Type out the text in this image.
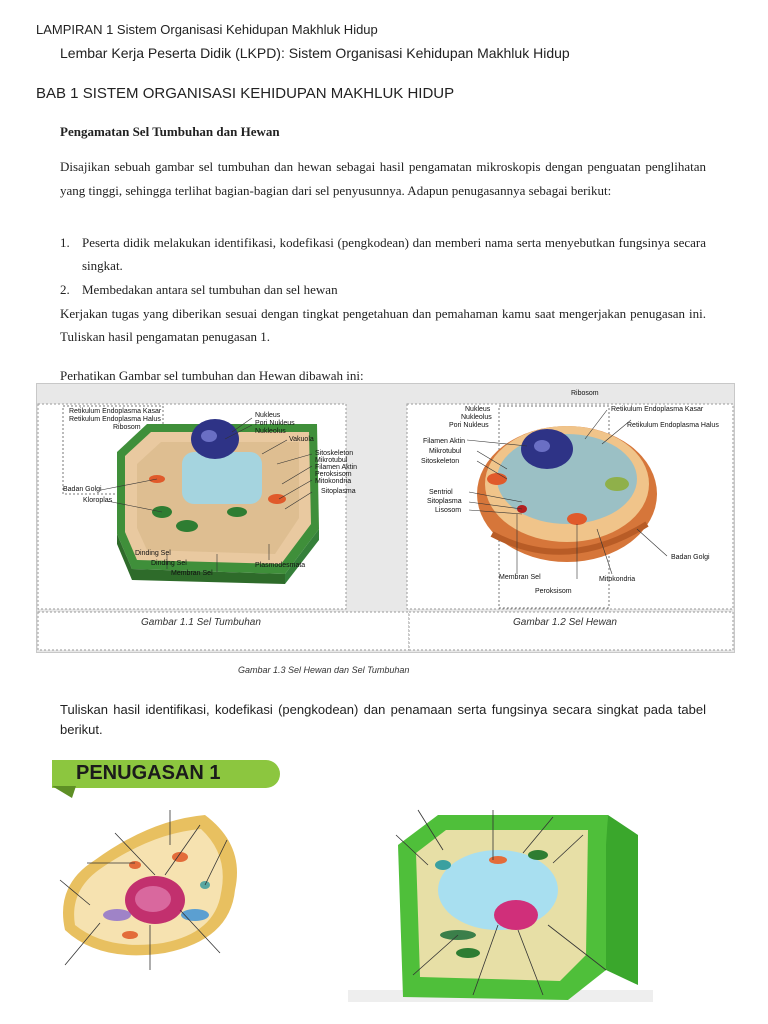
LAMPIRAN 1 Sistem Organisasi Kehidupan Makhluk Hidup
Lembar Kerja Peserta Didik (LKPD): Sistem Organisasi Kehidupan Makhluk Hidup
BAB 1 SISTEM ORGANISASI KEHIDUPAN MAKHLUK HIDUP
Pengamatan Sel Tumbuhan dan Hewan
Disajikan sebuah gambar sel tumbuhan dan hewan sebagai hasil pengamatan mikroskopis dengan penguatan penglihatan yang tinggi, sehingga terlihat bagian-bagian dari sel penyusunnya. Adapun penugasannya sebagai berikut:
1. Peserta didik melakukan identifikasi, kodefikasi (pengkodean) dan memberi nama serta menyebutkan fungsinya secara singkat.
2. Membedakan antara sel tumbuhan dan sel hewan
Kerjakan tugas yang diberikan sesuai dengan tingkat pengetahuan dan pemahaman kamu saat mengerjakan penugasan ini. Tuliskan hasil pengamatan penugasan 1.
Perhatikan Gambar sel tumbuhan dan Hewan dibawah ini:
Retikulum Endoplasma Kasar
Retikulum Endoplasma Halus
Ribosom
Nukleus
Pori Nukleus
Nukleolus
Vakuola
Sitoskeleton
Mikrotubul
Filamen Aktin
Peroksisom
Mitokondria
Sitoplasma
Badan Golgi
Kloroplas
Dinding Sel
Dinding Sel
Membran Sel
Plasmodesmata
Ribosom
Nukleus
Nukleolus
Pori Nukleus
Retikulum Endoplasma Kasar
Retikulum Endoplasma Halus
Filamen Aktin
Mikrotubul
Sitoskeleton
Sentriol
Sitoplasma
Lisosom
Badan Golgi
Membran Sel	Mitokondria
Peroksisom
Gambar 1.1 Sel Tumbuhan	Gambar 1.2 Sel Hewan
Gambar 1.3 Sel Hewan dan Sel Tumbuhan
Tuliskan hasil identifikasi, kodefikasi (pengkodean) dan penamaan serta fungsinya secara singkat pada tabel berikut.
PENUGASAN 1
